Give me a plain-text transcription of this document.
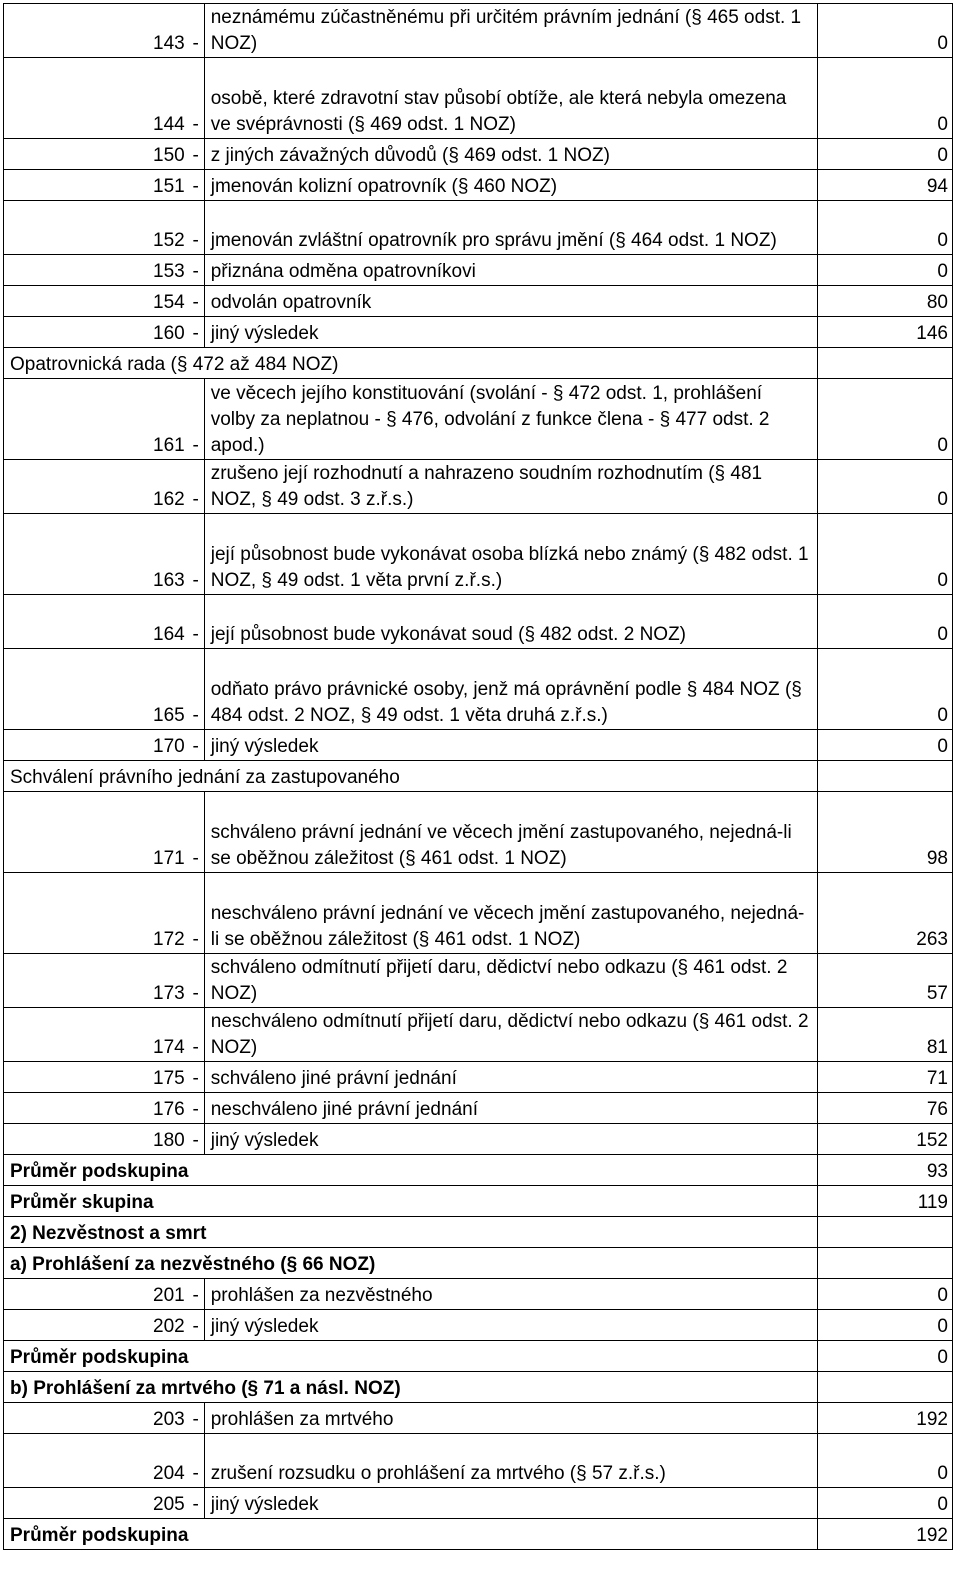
143	-	neznámému zúčastněnému při určitém právním jednání (§ 465 odst. 1 NOZ)	0
144	-	osobě, které zdravotní stav působí obtíže, ale která nebyla omezena ve svéprávnosti (§ 469 odst. 1 NOZ)	0
150	-	z jiných závažných důvodů (§ 469 odst. 1 NOZ)	0
151	-	jmenován kolizní opatrovník (§ 460 NOZ)	94
152	-	jmenován zvláštní opatrovník pro správu jmění (§ 464 odst. 1 NOZ)	0
153	-	přiznána odměna opatrovníkovi	0
154	-	odvolán opatrovník	80
160	-	jiný výsledek	146
Opatrovnická rada (§ 472 až 484 NOZ)			
161	-	ve věcech jejího konstituování (svolání - § 472 odst. 1, prohlášení volby za neplatnou - § 476, odvolání z funkce člena - § 477 odst. 2 apod.)	0
162	-	zrušeno její rozhodnutí a nahrazeno soudním rozhodnutím (§ 481 NOZ, § 49 odst. 3 z.ř.s.)	0
163	-	její působnost bude vykonávat osoba blízká nebo známý (§ 482 odst. 1 NOZ, § 49 odst. 1 věta první z.ř.s.)	0
164	-	její působnost bude vykonávat soud (§ 482 odst. 2 NOZ)	0
165	-	odňato právo právnické osoby, jenž má oprávnění podle § 484 NOZ (§ 484 odst. 2 NOZ, § 49 odst. 1 věta druhá z.ř.s.)	0
170	-	jiný výsledek	0
Schválení právního jednání za zastupovaného			
171	-	schváleno právní jednání ve věcech jmění zastupovaného, nejedná-li se oběžnou záležitost (§ 461 odst. 1 NOZ)	98
172	-	neschváleno právní jednání ve věcech jmění zastupovaného, nejedná-li se oběžnou záležitost (§ 461 odst. 1 NOZ)	263
173	-	schváleno odmítnutí přijetí daru, dědictví nebo odkazu (§ 461 odst. 2 NOZ)	57
174	-	neschváleno odmítnutí přijetí daru, dědictví nebo odkazu (§ 461 odst. 2 NOZ)	81
175	-	schváleno jiné právní jednání	71
176	-	neschváleno jiné právní jednání	76
180	-	jiný výsledek	152
Průměr podskupina			93
Průměr skupina			119
2) Nezvěstnost a smrt			
a) Prohlášení za nezvěstného (§ 66 NOZ)			
201	-	prohlášen za nezvěstného	0
202	-	jiný výsledek	0
Průměr podskupina			0
b) Prohlášení za mrtvého (§ 71 a násl. NOZ)			
203	-	prohlášen za mrtvého	192
204	-	zrušení rozsudku o prohlášení za mrtvého (§ 57 z.ř.s.)	0
205	-	jiný výsledek	0
Průměr podskupina			192
